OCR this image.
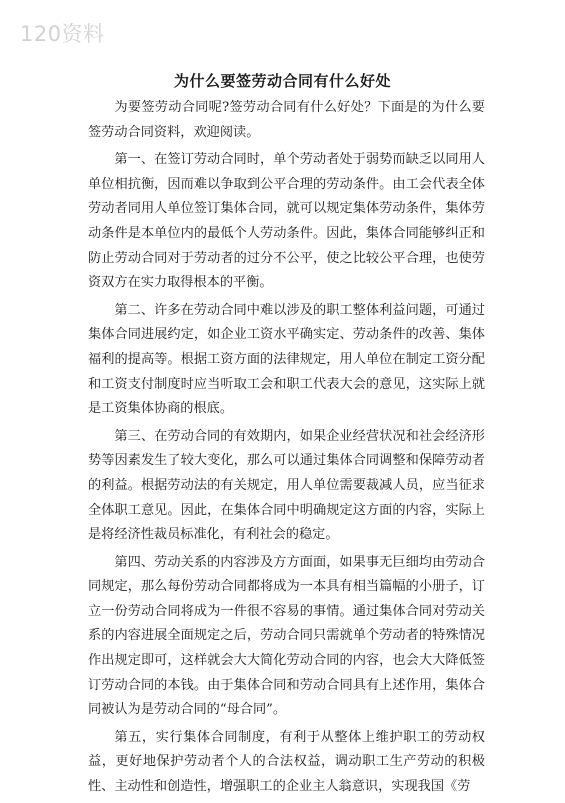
120资料
为什么要签劳动合同有什么好处

为要签劳动合同呢?签劳动合同有什么好处？下面是的为什么要签劳动合同资料，欢迎阅读。

第一、在签订劳动合同时，单个劳动者处于弱势而缺乏以同用人单位相抗衡，因而难以争取到公平合理的劳动条件。由工会代表全体劳动者同用人单位签订集体合同，就可以规定集体劳动条件，集体劳动条件是本单位内的最低个人劳动条件。因此，集体合同能够纠正和防止劳动合同对于劳动者的过分不公平，使之比较公平合理，也使劳资双方在实力取得根本的平衡。

第二、许多在劳动合同中难以涉及的职工整体利益问题，可通过集体合同进展约定，如企业工资水平确实定、劳动条件的改善、集体福利的提高等。根据工资方面的法律规定，用人单位在制定工资分配和工资支付制度时应当听取工会和职工代表大会的意见，这实际上就是工资集体协商的根底。

第三、在劳动合同的有效期内，如果企业经营状况和社会经济形势等因素发生了较大变化，那么可以通过集体合同调整和保障劳动者的利益。根据劳动法的有关规定，用人单位需要裁减人员，应当征求全体职工意见。因此，在集体合同中明确规定这方面的内容，实际上是将经济性裁员标准化，有利社会的稳定。

第四、劳动关系的内容涉及方方面面，如果事无巨细均由劳动合同规定，那么每份劳动合同都将成为一本具有相当篇幅的小册子，订立一份劳动合同将成为一件很不容易的事情。通过集体合同对劳动关系的内容进展全面规定之后，劳动合同只需就单个劳动者的特殊情况作出规定即可，这样就会大大简化劳动合同的内容，也会大大降低签订劳动合同的本钱。由于集体合同和劳动合同具有上述作用，集体合同被认为是劳动合同的“母合同”。

第五，实行集体合同制度，有利于从整体上维护职工的劳动权益，更好地保护劳动者个人的合法权益，调动职工生产劳动的积极性、主动性和创造性，增强职工的企业主人翁意识，实现我国《劳
